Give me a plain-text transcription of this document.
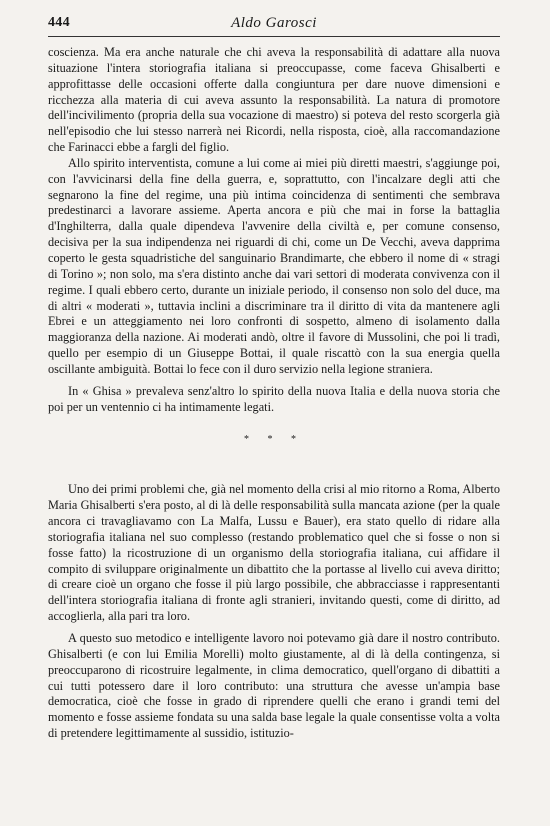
444	Aldo Garosci

coscienza. Ma era anche naturale che chi aveva la responsabilità di adattare alla nuova situazione l'intera storiografia italiana si preoccupasse, come faceva Ghisalberti e approfittasse delle occasioni offerte dalla congiuntura per dare nuove dimensioni e ricchezza alla materia di cui aveva assunto la responsabilità. La natura di promotore dell'incivilimento (propria della sua vocazione di maestro) si poteva del resto scorgerla già nell'episodio che lui stesso narrerà nei Ricordi, nella risposta, cioè, alla raccomandazione che Farinacci ebbe a fargli del figlio.

Allo spirito interventista, comune a lui come ai miei più diretti maestri, s'aggiunge poi, con l'avvicinarsi della fine della guerra, e, soprattutto, con l'incalzare degli atti che segnarono la fine del regime, una più intima coincidenza di sentimenti che sembrava predestinarci a lavorare assieme. Aperta ancora e più che mai in forse la battaglia d'Inghilterra, dalla quale dipendeva l'avvenire della civiltà e, per comune consenso, decisiva per la sua indipendenza nei riguardi di chi, come un De Vecchi, aveva dapprima coperto le gesta squadristiche del sanguinario Brandimarte, che ebbero il nome di « stragi di Torino »; non solo, ma s'era distinto anche dai vari settori di moderata convivenza con il regime. I quali ebbero certo, durante un iniziale periodo, il consenso non solo del duce, ma di altri « moderati », tuttavia inclini a discriminare tra il diritto di vita da mantenere agli Ebrei e un atteggiamento nei loro confronti di sospetto, almeno di isolamento dalla maggioranza della nazione. Ai moderati andò, oltre il favore di Mussolini, che poi li tradì, quello per esempio di un Giuseppe Bottai, il quale riscattò con la sua energia quella oscillante ambiguità. Bottai lo fece con il duro servizio nella legione straniera.

In « Ghisa » prevaleva senz'altro lo spirito della nuova Italia e della nuova storia che poi per un ventennio ci ha intimamente legati.

* * *

Uno dei primi problemi che, già nel momento della crisi al mio ritorno a Roma, Alberto Maria Ghisalberti s'era posto, al di là delle responsabilità sulla mancata azione (per la quale ancora ci travagliavamo con La Malfa, Lussu e Bauer), era stato quello di ridare alla storiografia italiana nel suo complesso (restando problematico quel che si fosse o non si fosse fatto) la ricostruzione di un organismo della storiografia italiana, cui affidare il compito di sviluppare originalmente un dibattito che la portasse al livello cui aveva diritto; di creare cioè un organo che fosse il più largo possibile, che abbracciasse i rappresentanti dell'intera storiografia italiana di fronte agli stranieri, invitando questi, come di diritto, ad accoglierla, alla pari tra loro.

A questo suo metodico e intelligente lavoro noi potevamo già dare il nostro contributo. Ghisalberti (e con lui Emilia Morelli) molto giustamente, al di là della contingenza, si preoccuparono di ricostruire legalmente, in clima democratico, quell'organo di dibattiti a cui tutti potessero dare il loro contributo: una struttura che avesse un'ampia base democratica, cioè che fosse in grado di riprendere quelli che erano i grandi temi del momento e fosse assieme fondata su una salda base legale la quale consentisse volta a volta di pretendere legittimamente al sussidio, istituzio-
